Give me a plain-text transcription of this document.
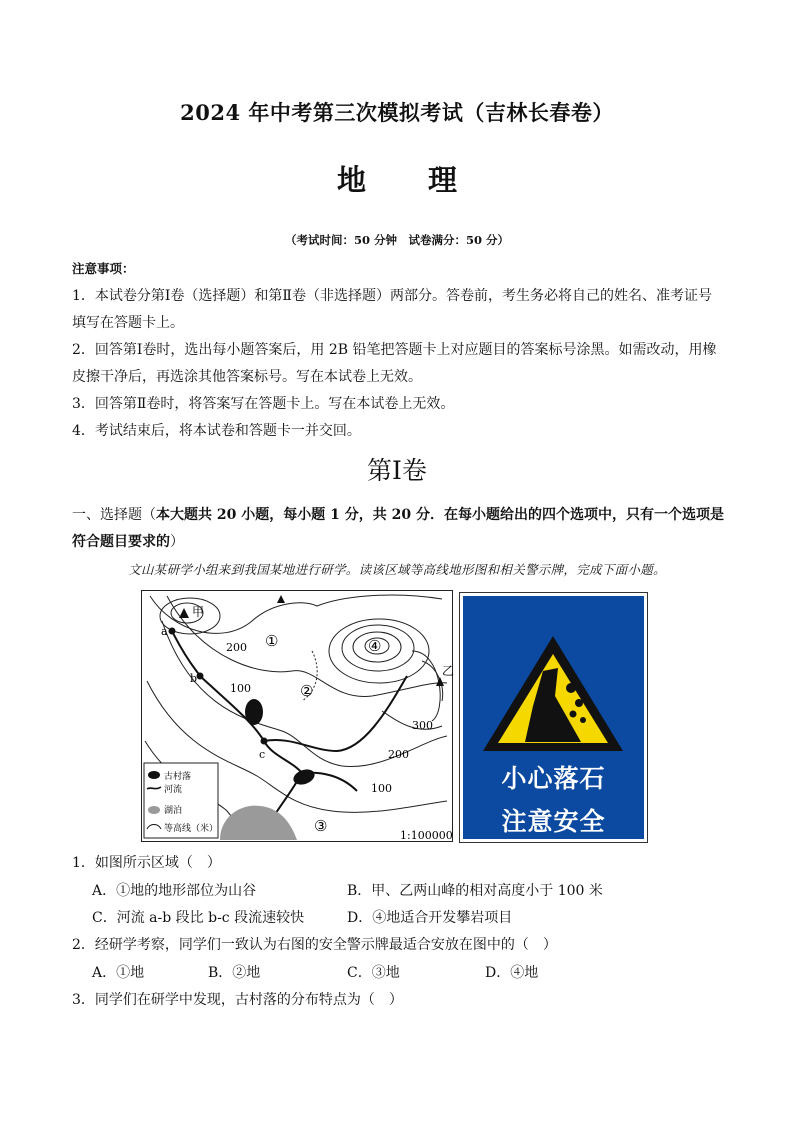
2024 年中考第三次模拟考试（吉林长春卷）
地 理
（考试时间：50 分钟　试卷满分：50 分）
注意事项：
1．本试卷分第Ⅰ卷（选择题）和第Ⅱ卷（非选择题）两部分。答卷前，考生务必将自己的姓名、准考证号填写在答题卡上。
2．回答第Ⅰ卷时，选出每小题答案后，用 2B 铅笔把答题卡上对应题目的答案标号涂黑。如需改动，用橡皮擦干净后，再选涂其他答案标号。写在本试卷上无效。
3．回答第Ⅱ卷时，将答案写在答题卡上。写在本试卷上无效。
4．考试结束后，将本试卷和答题卡一并交回。
第Ⅰ卷
一、选择题（本大题共 20 小题，每小题 1 分，共 20 分．在每小题给出的四个选项中，只有一个选项是符合题目要求的）
文山某研学小组来到我国某地进行研学。读该区域等高线地形图和相关警示牌，完成下面小题。
甲
乙
a
b
c
①
②
③
④
200
100
300
200
100
1:100000
古村落
河流
湖泊
等高线（米）
小心落石
注意安全
1．如图所示区域（　）
A．①地的地形部位为山谷	B．甲、乙两山峰的相对高度小于 100 米
C．河流 a-b 段比 b-c 段流速较快	D．④地适合开发攀岩项目
2．经研学考察，同学们一致认为右图的安全警示牌最适合安放在图中的（　）
A．①地	B．②地	C．③地	D．④地
3．同学们在研学中发现，古村落的分布特点为（　）
